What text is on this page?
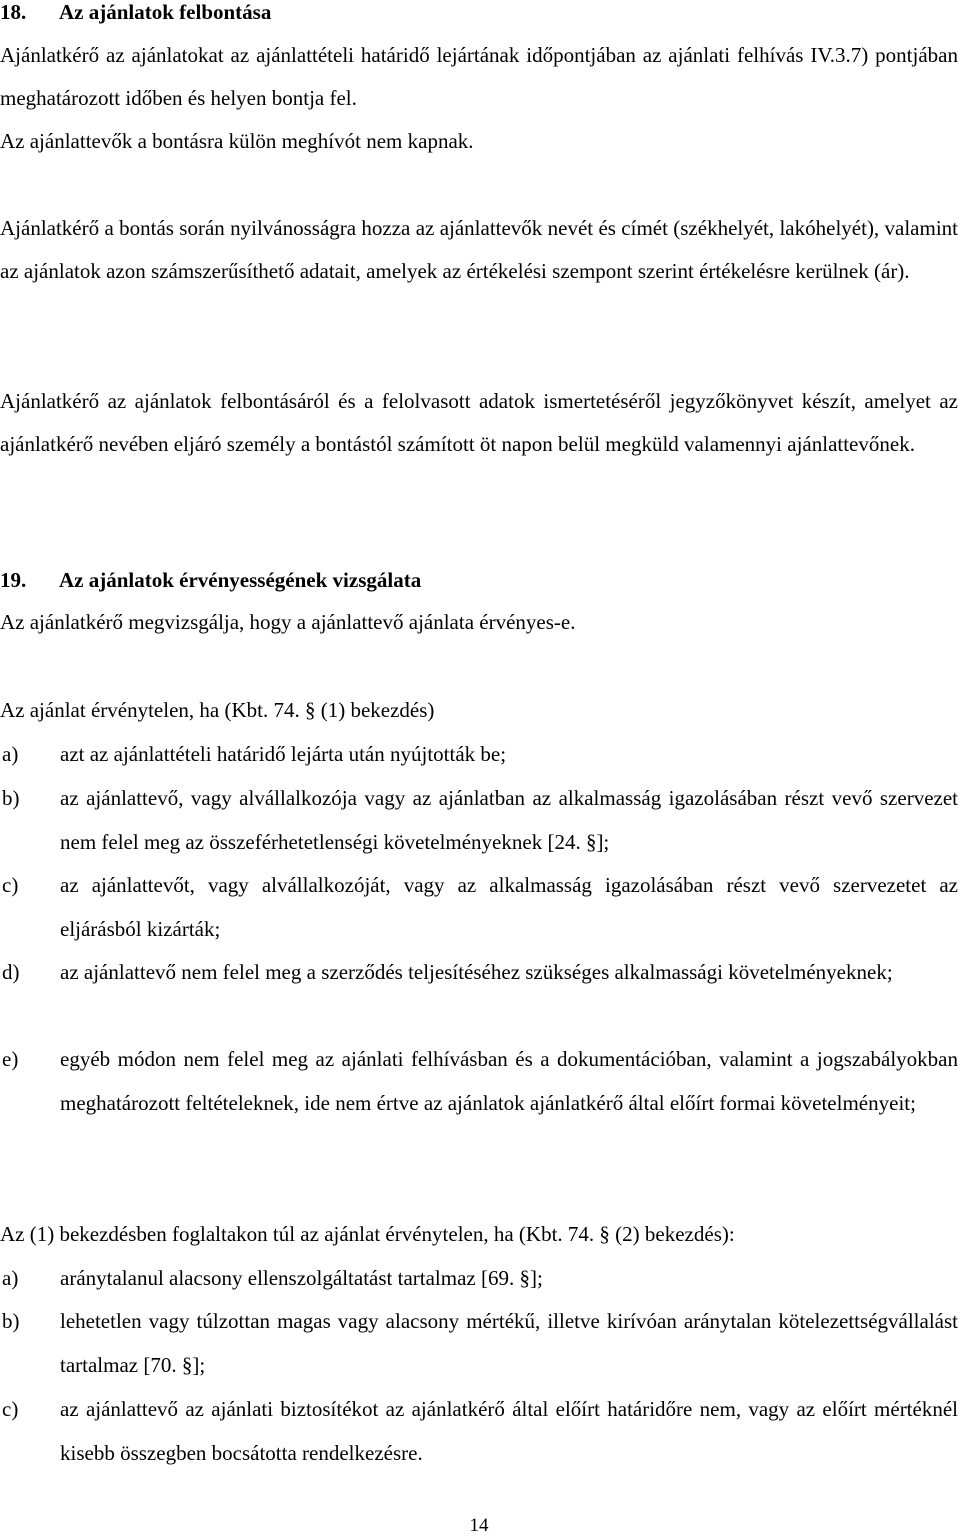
18. Az ajánlatok felbontása
Ajánlatkérő az ajánlatokat az ajánlattételi határidő lejártának időpontjában az ajánlati felhívás IV.3.7) pontjában meghatározott időben és helyen bontja fel.
Az ajánlattevők a bontásra külön meghívót nem kapnak.
Ajánlatkérő a bontás során nyilvánosságra hozza az ajánlattevők nevét és címét (székhelyét, lakóhelyét), valamint az ajánlatok azon számszerűsíthető adatait, amelyek az értékelési szempont szerint értékelésre kerülnek (ár).
Ajánlatkérő az ajánlatok felbontásáról és a felolvasott adatok ismertetéséről jegyzőkönyvet készít, amelyet az ajánlatkérő nevében eljáró személy a bontástól számított öt napon belül megküld valamennyi ajánlattevőnek.
19. Az ajánlatok érvényességének vizsgálata
Az ajánlatkérő megvizsgálja, hogy a ajánlattevő ajánlata érvényes-e.
Az ajánlat érvénytelen, ha (Kbt. 74. § (1) bekezdés)
a) azt az ajánlattételi határidő lejárta után nyújtották be;
b) az ajánlattevő, vagy alvállalkozója vagy az ajánlatban az alkalmasság igazolásában részt vevő szervezet nem felel meg az összeférhetetlenségi követelményeknek [24. §];
c) az ajánlattevőt, vagy alvállalkozóját, vagy az alkalmasság igazolásában részt vevő szervezetet az eljárásból kizárták;
d) az ajánlattevő nem felel meg a szerződés teljesítéséhez szükséges alkalmassági követelményeknek;
e) egyéb módon nem felel meg az ajánlati felhívásban és a dokumentációban, valamint a jogszabályokban meghatározott feltételeknek, ide nem értve az ajánlatok ajánlatkérő által előírt formai követelményeit;
Az (1) bekezdésben foglaltakon túl az ajánlat érvénytelen, ha (Kbt. 74. § (2) bekezdés):
a) aránytalanul alacsony ellenszolgáltatást tartalmaz [69. §];
b) lehetetlen vagy túlzottan magas vagy alacsony mértékű, illetve kirívóan aránytalan kötelezettségvállalást tartalmaz [70. §];
c) az ajánlattevő az ajánlati biztosítékot az ajánlatkérő által előírt határidőre nem, vagy az előírt mértéknél kisebb összegben bocsátotta rendelkezésre.
14
